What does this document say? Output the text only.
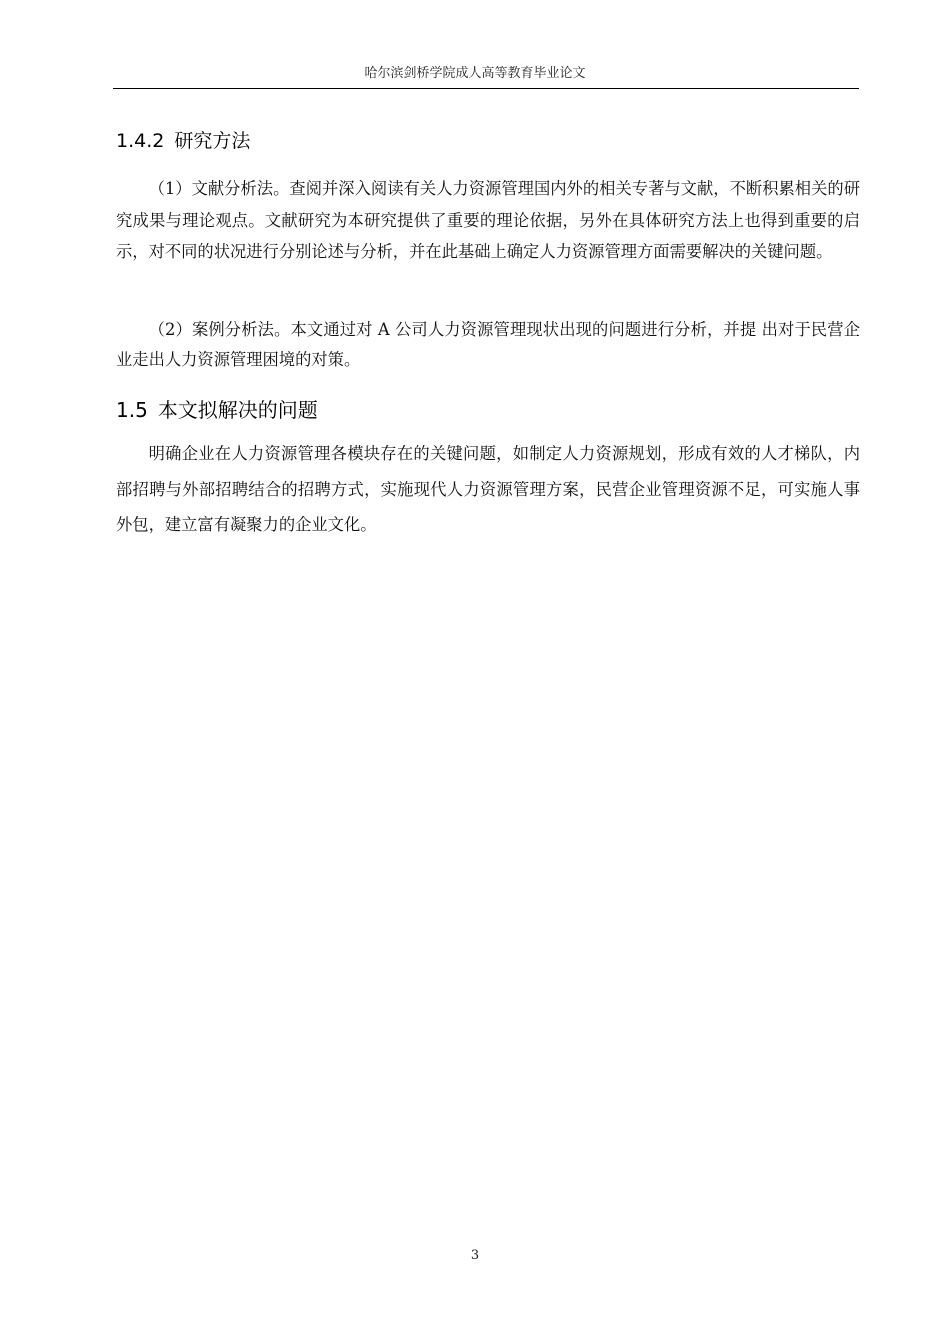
哈尔滨剑桥学院成人高等教育毕业论文
1.4.2 研究方法

（1）文献分析法。查阅并深入阅读有关人力资源管理国内外的相关专著与文献，不断积累相关的研究成果与理论观点。文献研究为本研究提供了重要的理论依据，另外在具体研究方法上也得到重要的启示，对不同的状况进行分别论述与分析，并在此基础上确定人力资源管理方面需要解决的关键问题。

（2）案例分析法。本文通过对 A 公司人力资源管理现状出现的问题进行分析，并提 出对于民营企业走出人力资源管理困境的对策。

1.5 本文拟解决的问题

明确企业在人力资源管理各模块存在的关键问题，如制定人力资源规划，形成有效的人才梯队，内部招聘与外部招聘结合的招聘方式，实施现代人力资源管理方案，民营企业管理资源不足，可实施人事外包，建立富有凝聚力的企业文化。

3
